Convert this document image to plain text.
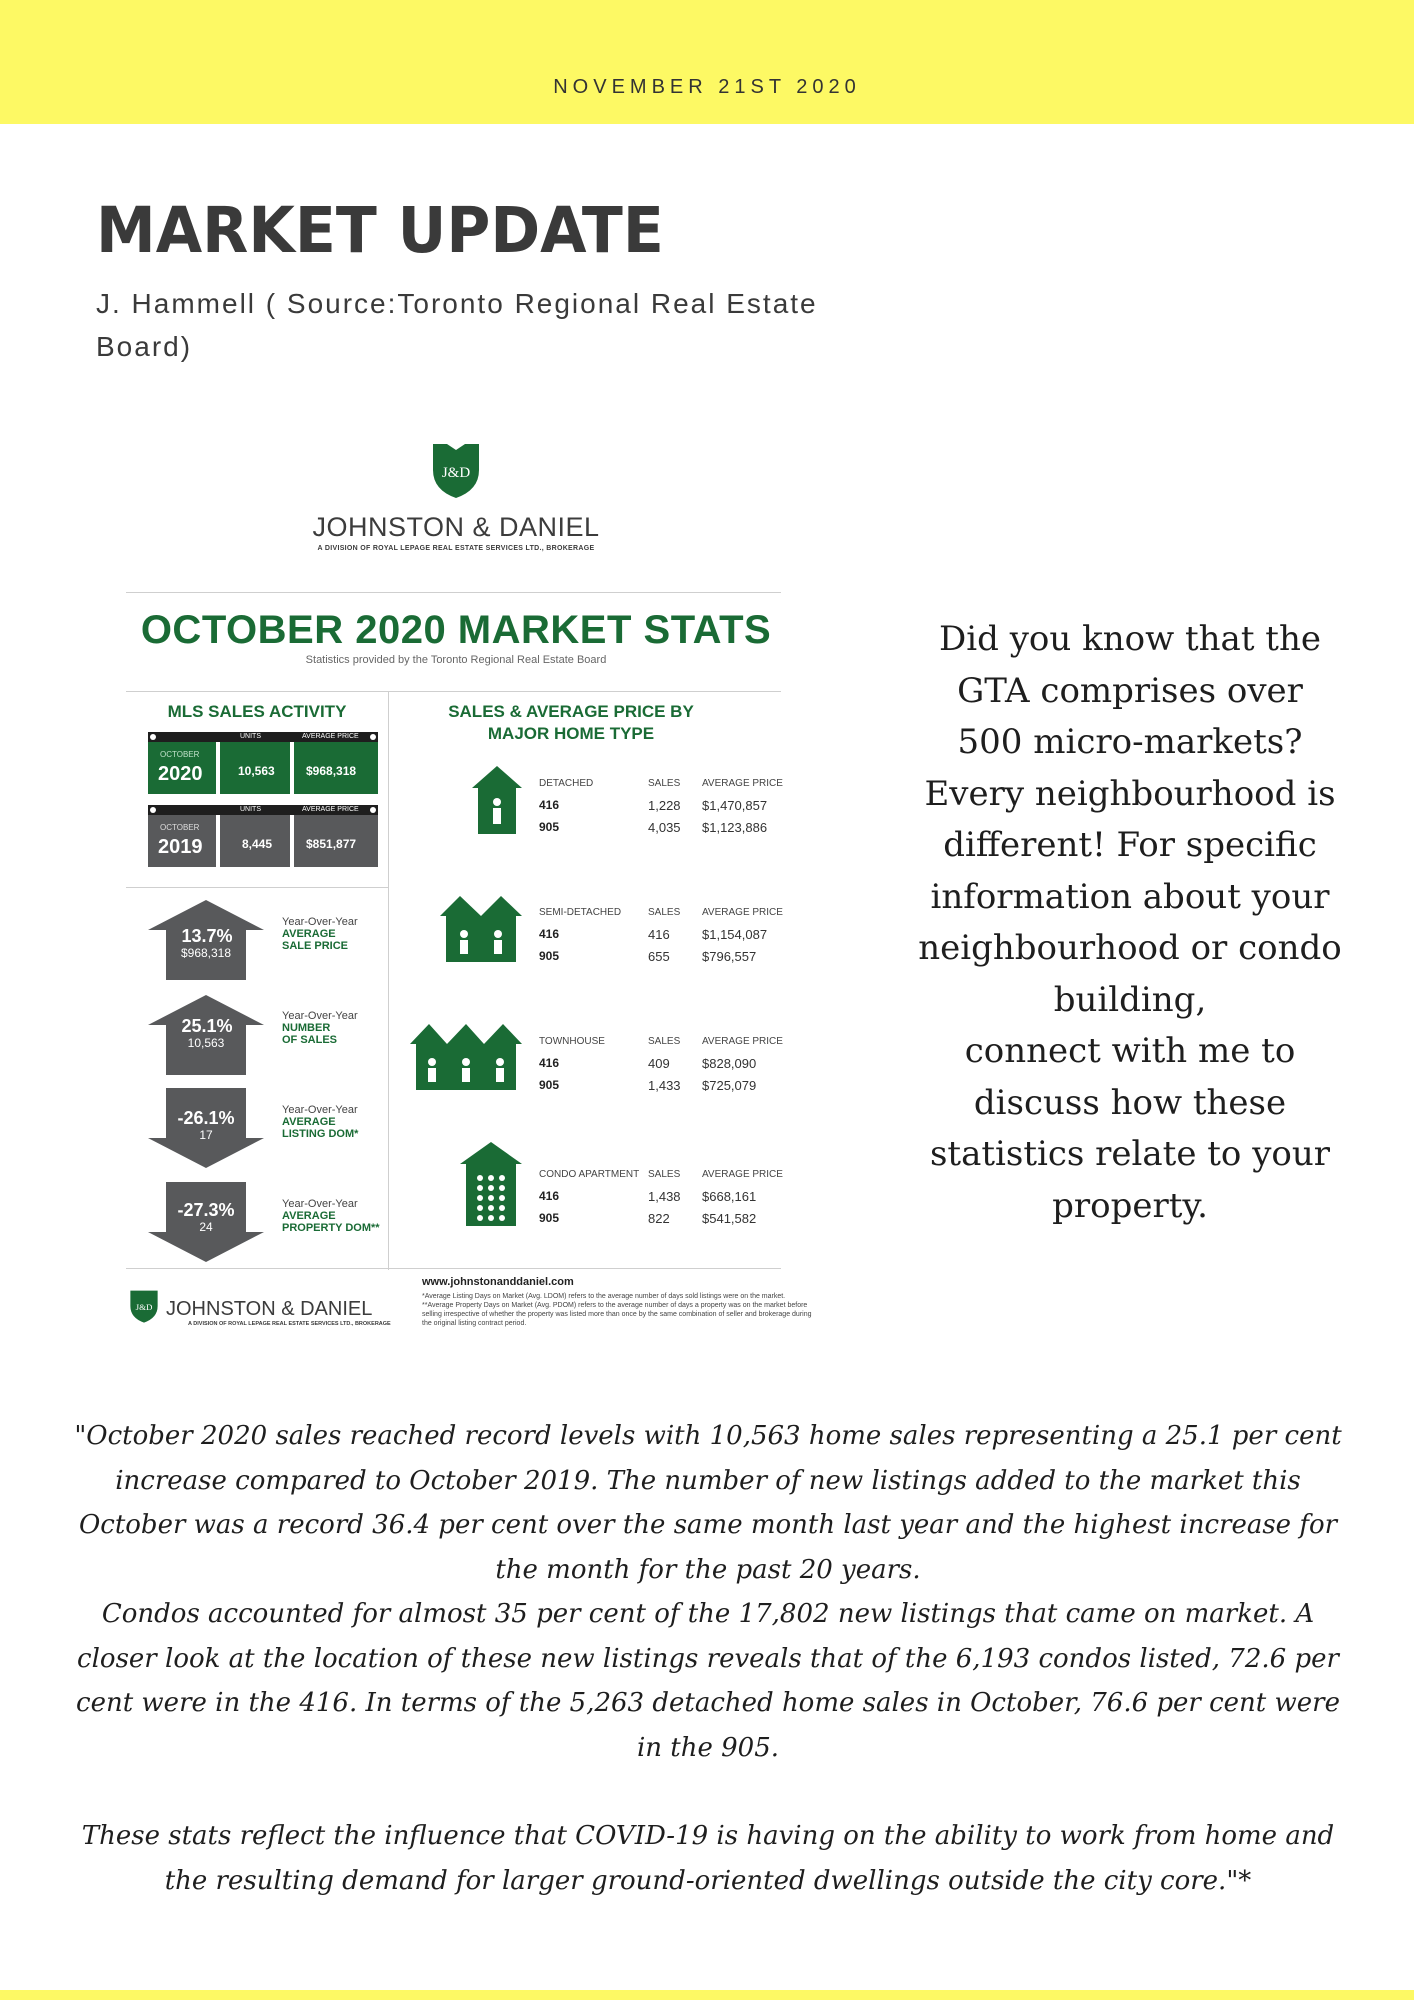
NOVEMBER 21ST 2020
MARKET UPDATE
J. Hammell ( Source:Toronto Regional Real Estate Board)
J&D
JOHNSTON & DANIEL
A DIVISION OF ROYAL LEPAGE REAL ESTATE SERVICES LTD., BROKERAGE
OCTOBER 2020 MARKET STATS
Statistics provided by the Toronto Regional Real Estate Board
MLS SALES ACTIVITY
UNITS	AVERAGE PRICE
OCTOBER
2020	10,563	$968,318
UNITS	AVERAGE PRICE
OCTOBER
2019	8,445	$851,877
13.7%
$968,318
Year-Over-Year
AVERAGE
SALE PRICE
25.1%
10,563
Year-Over-Year
NUMBER
OF SALES
-26.1%
17
Year-Over-Year
AVERAGE
LISTING DOM*
-27.3%
24
Year-Over-Year
AVERAGE
PROPERTY DOM**
SALES & AVERAGE PRICE BY MAJOR HOME TYPE
DETACHED	SALES AVERAGE PRICE
416	1,228 $1,470,857
905	4,035 $1,123,886
SEMI-DETACHED	SALES AVERAGE PRICE
416	416 $1,154,087
905	655 $796,557
TOWNHOUSE	SALES AVERAGE PRICE
416	409 $828,090
905	1,433 $725,079
CONDO APARTMENT SALES AVERAGE PRICE
416	1,438 $668,161
905	822 $541,582
J&D JOHNSTON & DANIEL
A DIVISION OF ROYAL LEPAGE REAL ESTATE SERVICES LTD., BROKERAGE
www.johnstonanddaniel.com
*Average Listing Days on Market (Avg. LDOM) refers to the average number of days sold listings were on the market. **Average Property Days on Market (Avg. PDOM) refers to the average number of days a property was on the market before selling irrespective of whether the property was listed more than once by the same combination of seller and brokerage during the original listing contract period.
Did you know that the
GTA comprises over
500 micro-markets?
Every neighbourhood is
different! For specific
information about your
neighbourhood or condo
building,
connect with me to
discuss how these
statistics relate to your
property.
"October 2020 sales reached record levels with 10,563 home sales representing a 25.1 per cent increase compared to October 2019. The number of new listings added to the market this October was a record 36.4 per cent over the same month last year and the highest increase for the month for the past 20 years.
Condos accounted for almost 35 per cent of the 17,802 new listings that came on market. A closer look at the location of these new listings reveals that of the 6,193 condos listed, 72.6 per cent were in the 416. In terms of the 5,263 detached home sales in October, 76.6 per cent were in the 905.
These stats reflect the influence that COVID-19 is having on the ability to work from home and the resulting demand for larger ground-oriented dwellings outside the city core."*
